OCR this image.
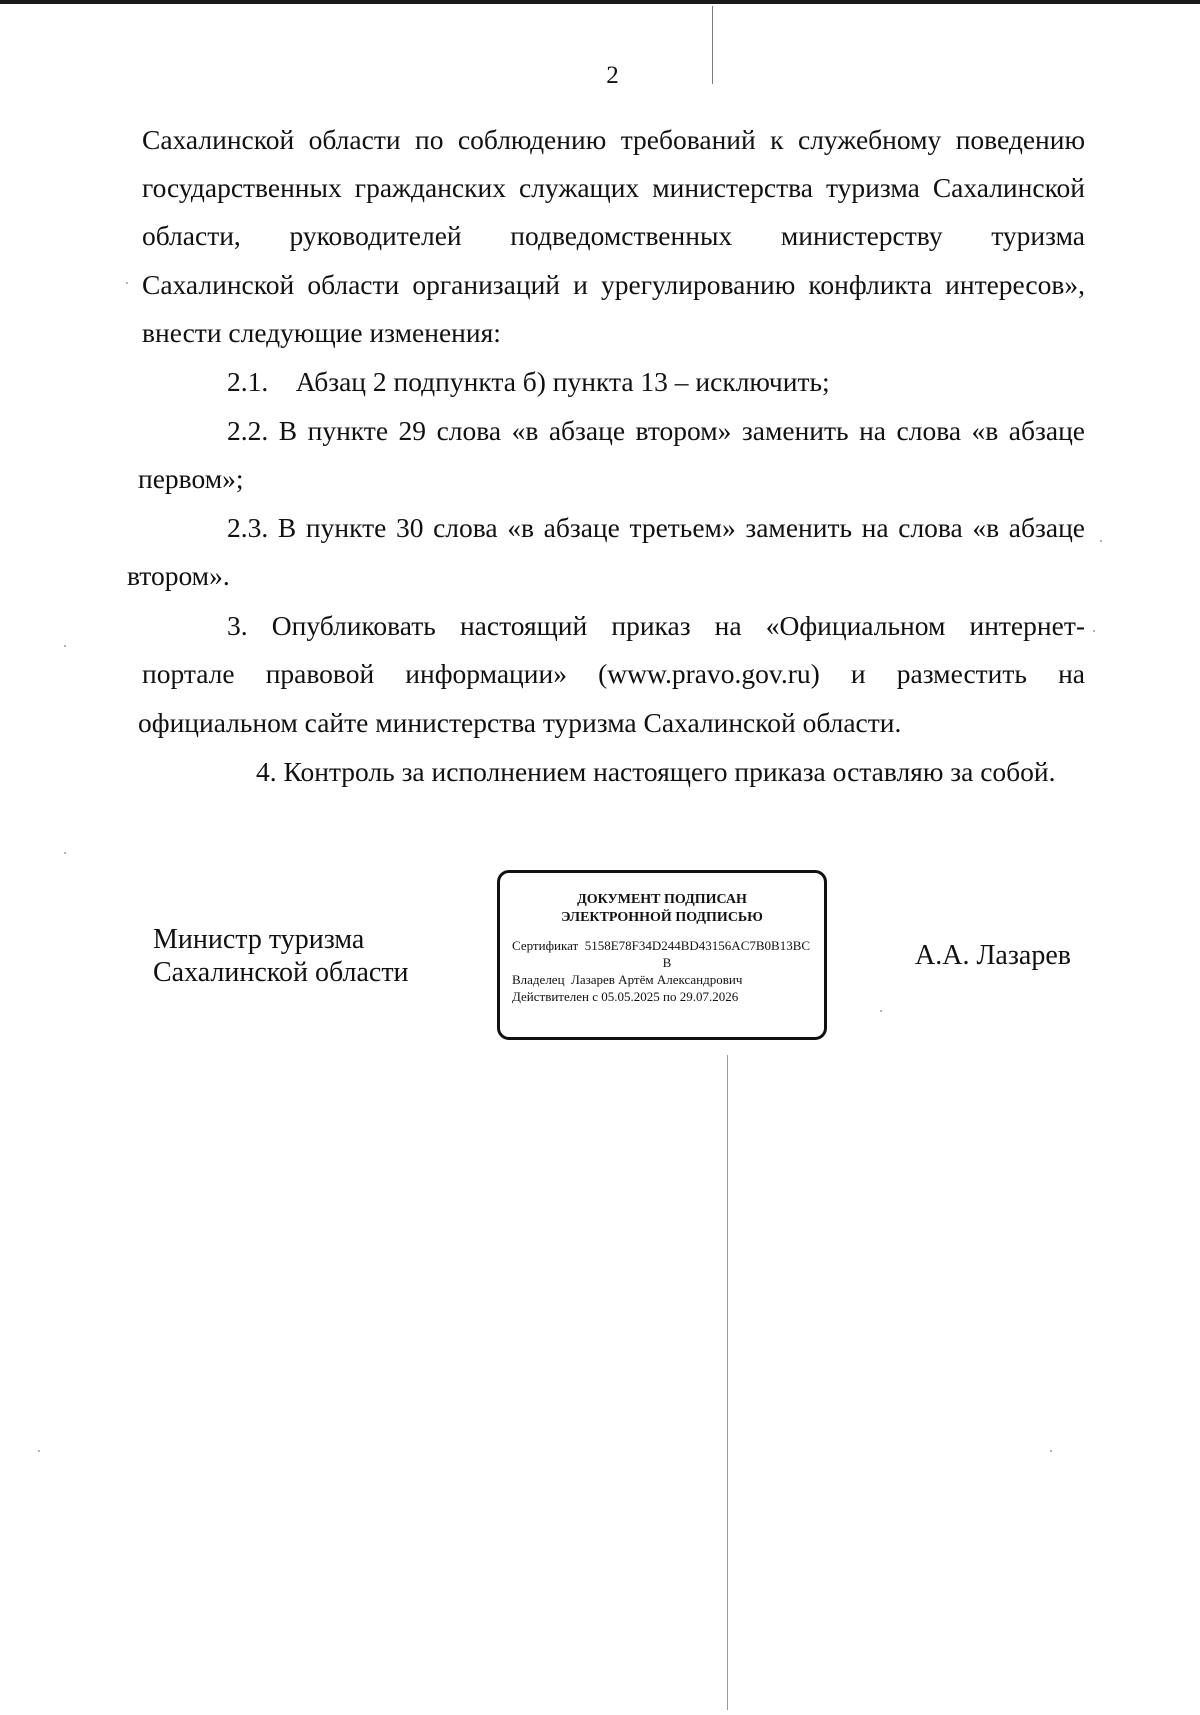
2
Сахалинской области по соблюдению требований к служебному поведению
государственных гражданских служащих министерства туризма Сахалинской
области, руководителей подведомственных министерству туризма
Сахалинской области организаций и урегулированию конфликта интересов»,
внести следующие изменения:
2.1.    Абзац 2 подпункта б) пункта 13 – исключить;
2.2. В пункте 29 слова «в абзаце втором» заменить на слова «в абзаце
первом»;
2.3. В пункте 30 слова «в абзаце третьем» заменить на слова «в абзаце
втором».
3. Опубликовать настоящий приказ на «Официальном интернет-
портале правовой информации» (www.pravo.gov.ru) и разместить на
официальном сайте министерства туризма Сахалинской области.
4. Контроль за исполнением настоящего приказа оставляю за собой.
Министр туризма
Сахалинской области
ДОКУМЕНТ ПОДПИСАН
ЭЛЕКТРОННОЙ ПОДПИСЬЮ
Сертификат 5158E78F34D244BD43156AC7B0B13BC
B
Владелец Лазарев Артём Александрович
Действителен с 05.05.2025 по 29.07.2026
А.А. Лазарев
